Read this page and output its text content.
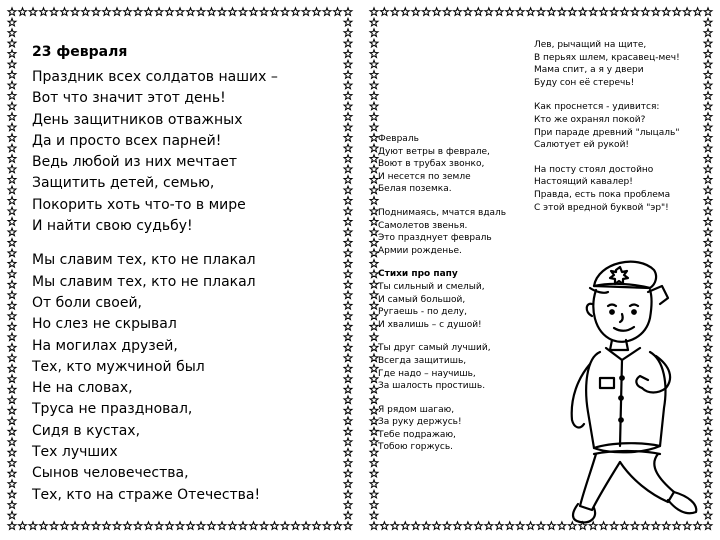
23 февраля
Праздник всех солдатов наших –
Вот что значит этот день!
День защитников отважных
Да и просто всех парней!
Ведь любой из них мечтает
Защитить детей, семью,
Покорить хоть что-то в мире
И найти свою судьбу!
Мы славим тех, кто не плакал
Мы славим тех, кто не плакал
От боли своей,
Но слез не скрывал
На могилах друзей,
Тех, кто мужчиной был
Не на словах,
Труса не праздновал,
Сидя в кустах,
Тех лучших
Сынов человечества,
Тех, кто на страже Отечества!
Лев, рычащий на щите,
В перьях шлем, красавец-меч!
Мама спит, а я у двери
Буду сон её стеречь!
Как проснется - удивится:
Кто же охранял покой?
При параде древний "лыцаль"
Салютует ей рукой!
На посту стоял достойно
Настоящий кавалер!
Правда, есть пока проблема
С этой вредной буквой "эр"!
Февраль
Дуют ветры в феврале,
Воют в трубах звонко,
И несется по земле
Белая поземка.
Поднимаясь, мчатся вдаль
Самолетов звенья.
Это празднует февраль
Армии рожденье.
Стихи про папу
Ты сильный и смелый,
И самый большой,
Ругаешь - по делу,
И хвалишь – с душой!
Ты друг самый лучший,
Всегда защитишь,
Где надо – научишь,
За шалость простишь.
Я рядом шагаю,
За руку держусь!
Тебе подражаю,
Тобою горжусь.
